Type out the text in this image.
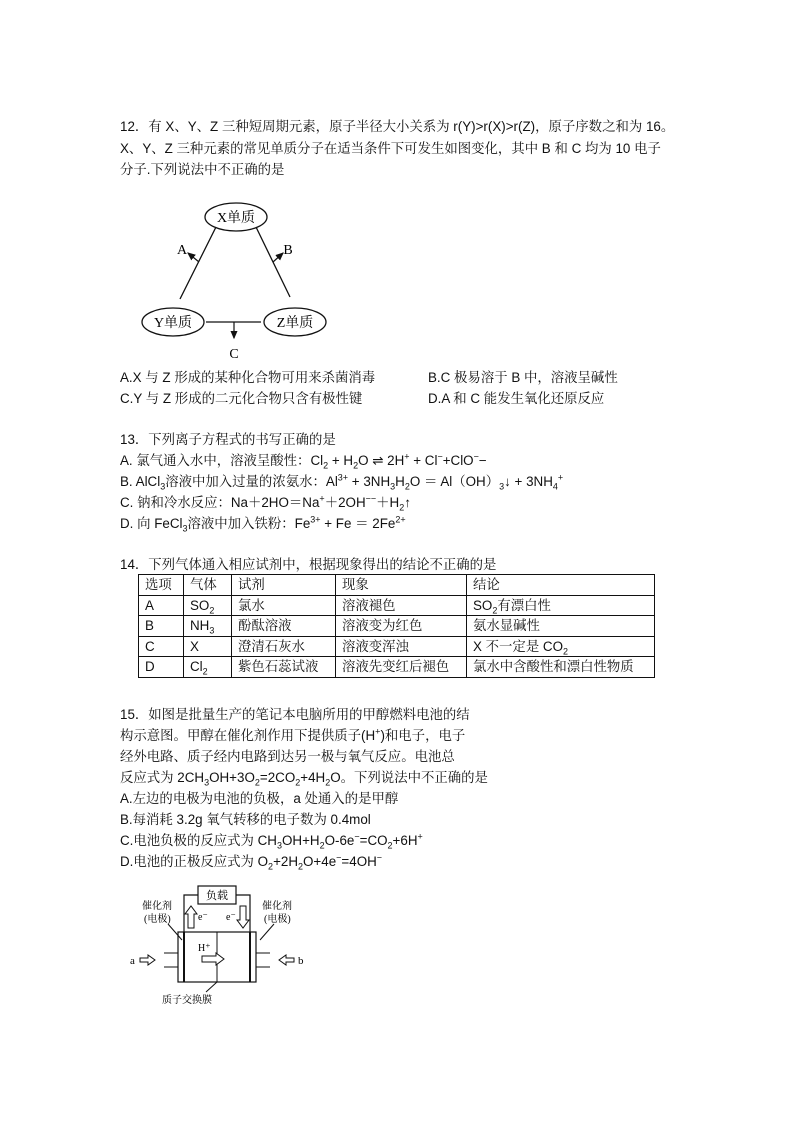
12．有 X、Y、Z 三种短周期元素，原子半径大小关系为 r(Y)>r(X)>r(Z)，原子序数之和为 16。
X、Y、Z 三种元素的常见单质分子在适当条件下可发生如图变化，其中 B 和 C 均为 10 电子
分子.下列说法中不正确的是
X单质
Y单质	Z单质
A	B
C
A.X 与 Z 形成的某种化合物可用来杀菌消毒	B.C 极易溶于 B 中，溶液呈碱性
C.Y 与 Z 形成的二元化合物只含有极性键	D.A 和 C 能发生氧化还原反应
13．下列离子方程式的书写正确的是
A. 氯气通入水中，溶液呈酸性：$Cl_2 + H_2O$ ⇌ 2H+ + Cl−+ClO−−
B. AlCl$_3$溶液中加入过量的浓氨水：$Al^{3+} + 3NH_3H_2O$ ＝ $Al(OH)_3↓ + 3NH_4^+$
C. 钠和冷水反应：$Na+2HO=Na^++2OH^{--}+H_2↑$
D. 向 FeCl$_3$溶液中加入铁粉：$Fe^{3+} + Fe = 2Fe^{2+}$
14．下列气体通入相应试剂中，根据现象得出的结论不正确的是
选项	气体	试剂	现象	结论
A	$SO_2$	氯水	溶液褪色	$SO_2$有漂白性
B	$NH_3$	酚酞溶液	溶液变为红色	氨水显碱性
C	X	澄清石灰水	溶液变浑浊	X 不一定是 $CO_2$
D	$Cl_2$	紫色石蕊试液	溶液先变红后褪色	氯水中含酸性和漂白性物质
15．如图是批量生产的笔记本电脑所用的甲醇燃料电池的结
构示意图。甲醇在催化剂作用下提供质子(H+)和电子，电子
经外电路、质子经内电路到达另一极与氧气反应。电池总
反应式为 $2CH_3OH+3O_2=2CO_2+4H_2O$。下列说法中不正确的是
A.左边的电极为电池的负极，a 处通入的是甲醇
B.每消耗 3.2g 氧气转移的电子数为 0.4mol
C.电池负极的反应式为 $CH_3OH+H_2O-6e^-=CO_2+6H^+$
D.电池的正极反应式为 $O_2+2H_2O+4e^-=4OH^-$
负载
e⁻ e⁻
催化剂
(电极)
催化剂
(电极)
H⁺
a	b
质子交换膜
